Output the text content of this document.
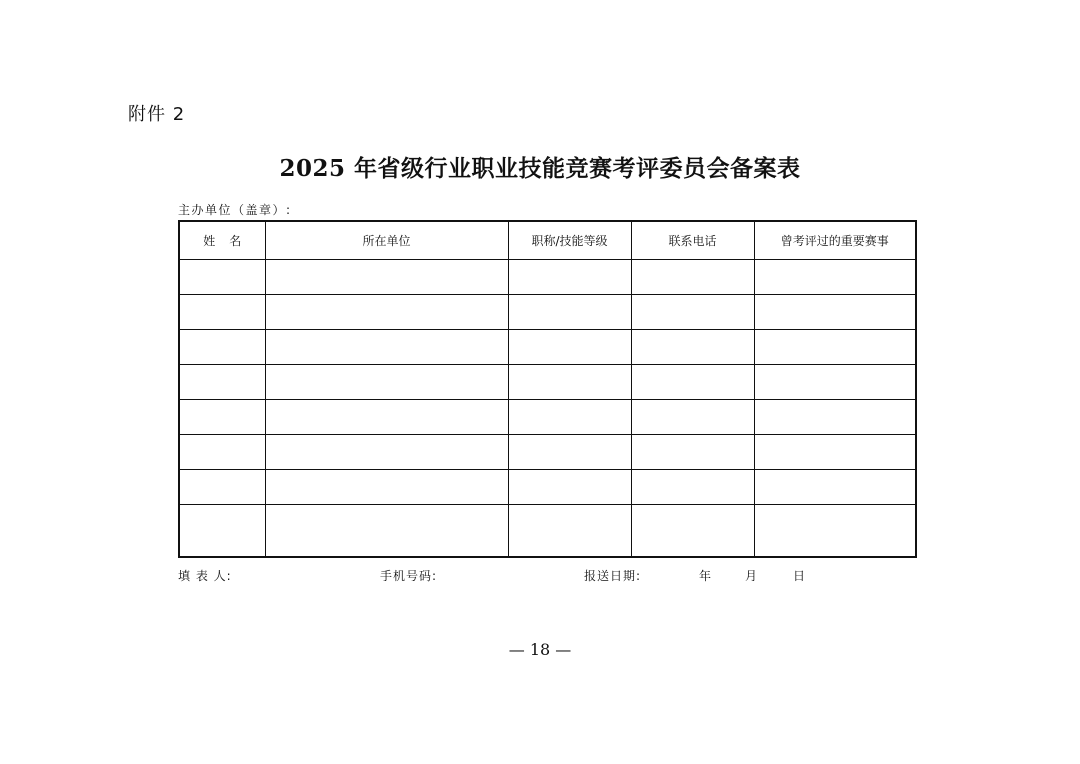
附件 2
2025 年省级行业职业技能竞赛考评委员会备案表
主办单位（盖章）:
姓名	所在单位	职称/技能等级	联系电话	曾考评过的重要赛事

填 表 人:	手机号码:	报送日期:	年	月	日
— 18 —
